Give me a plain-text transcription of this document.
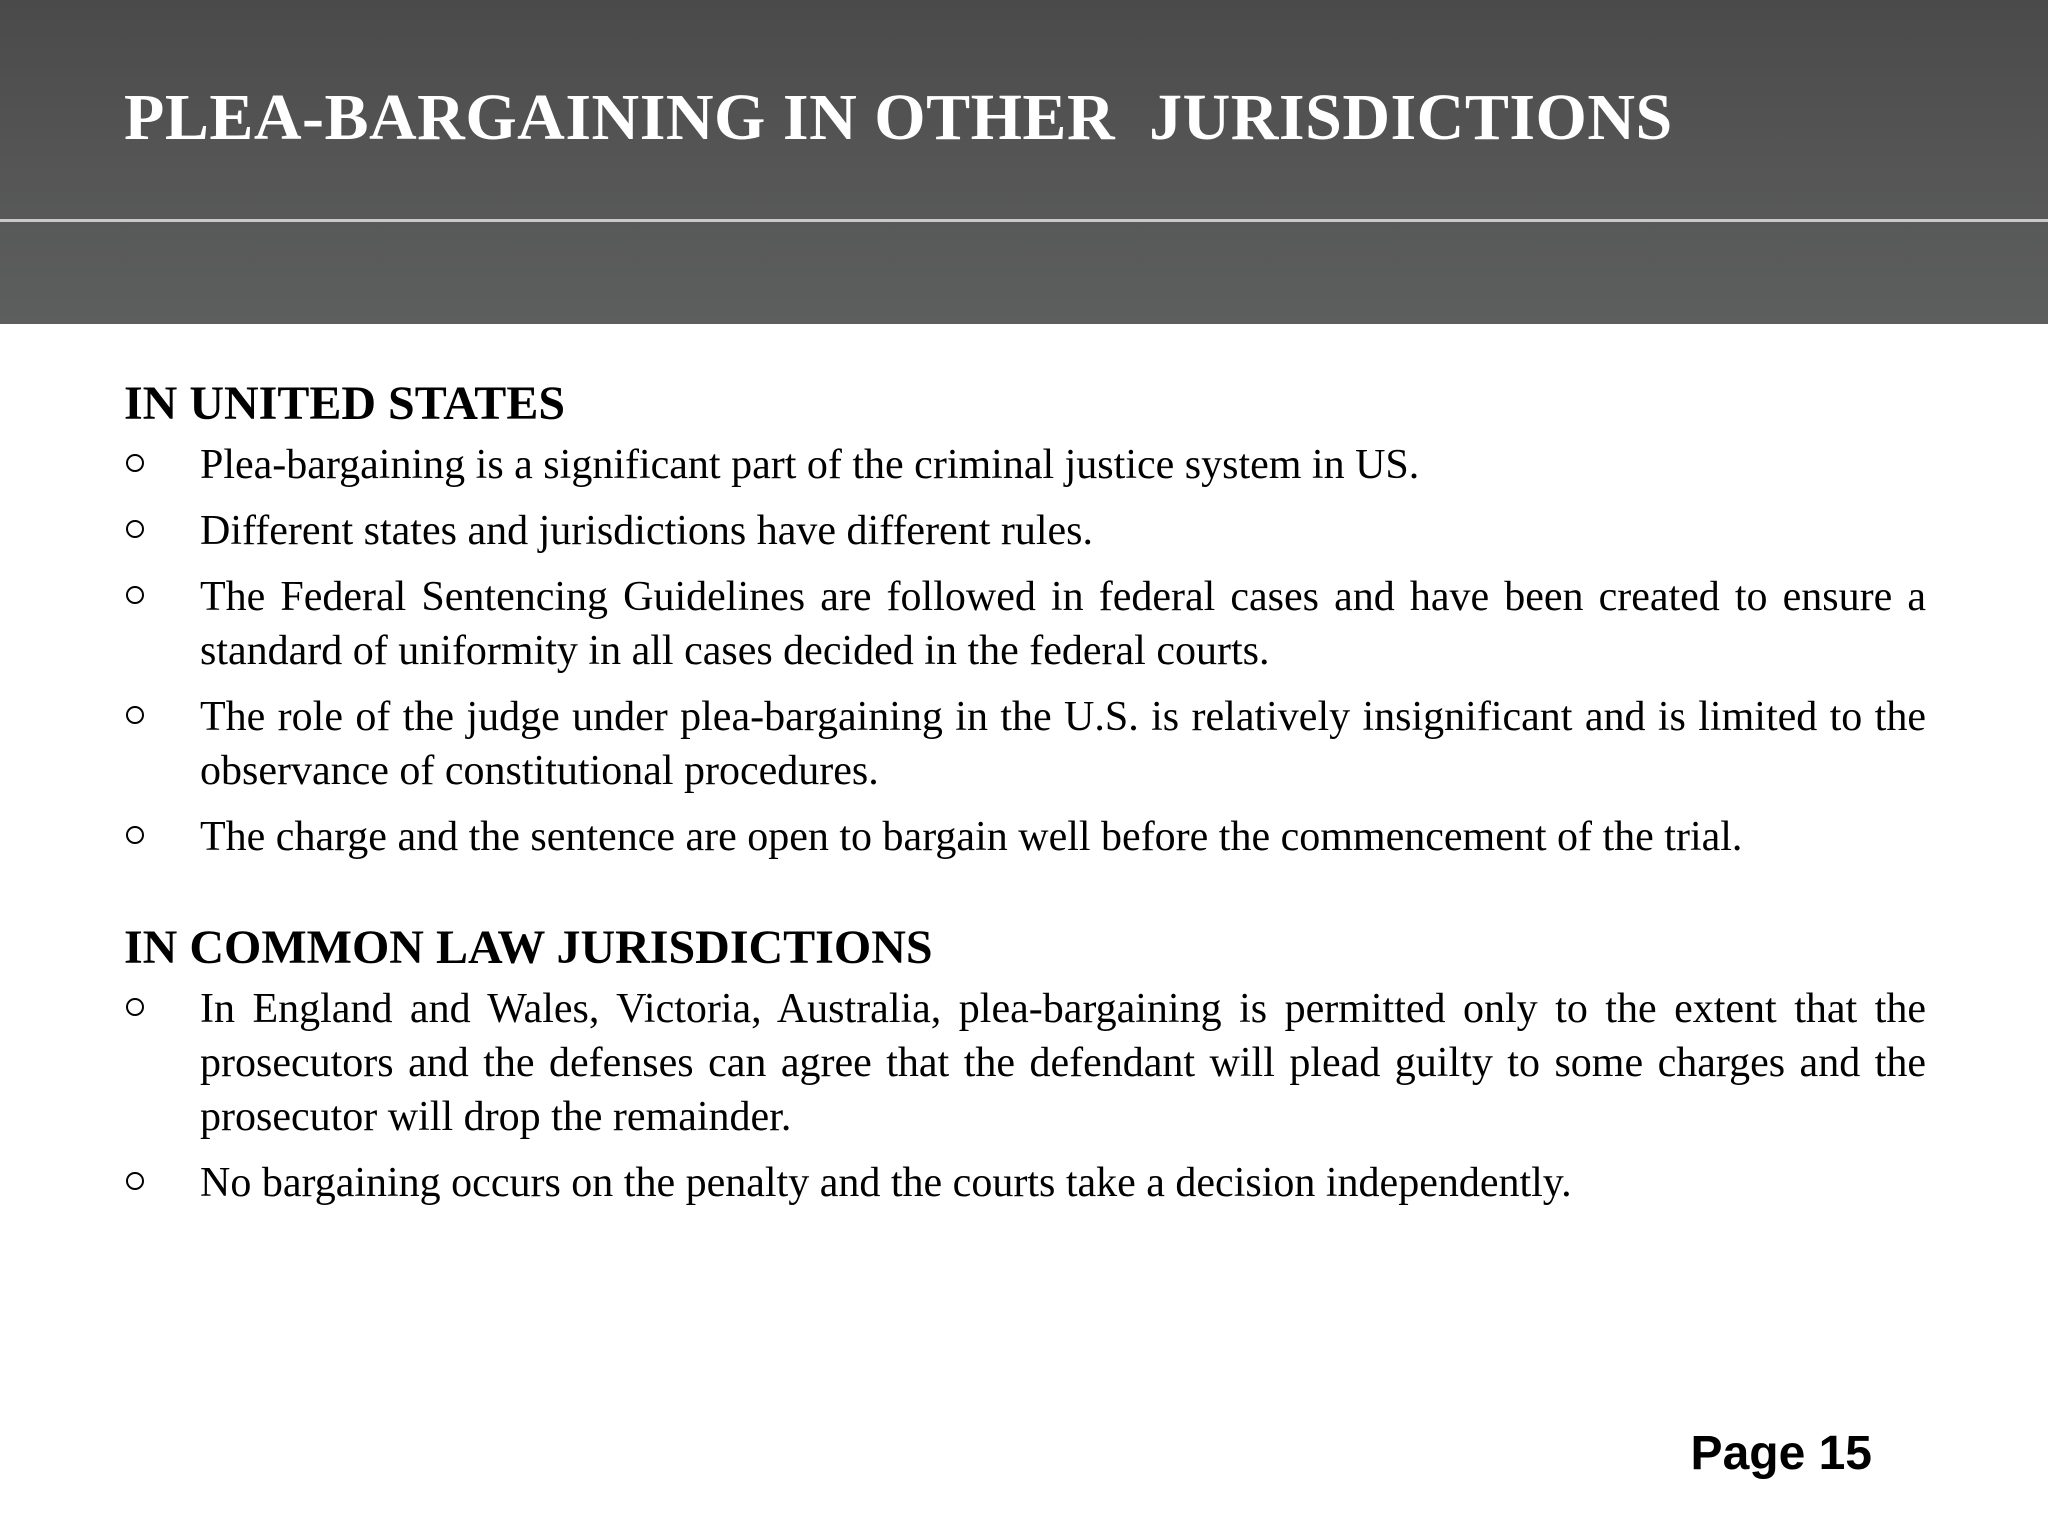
PLEA-BARGAINING IN OTHER  JURISDICTIONS
IN UNITED STATES
Plea-bargaining is a significant part of the criminal justice system in US.
Different states and jurisdictions have different rules.
The Federal Sentencing Guidelines are followed in federal cases and have been created to ensure a standard of uniformity in all cases decided in the federal courts.
The role of the judge under plea-bargaining in the U.S. is relatively insignificant and is limited to the observance of constitutional procedures.
The charge and the sentence are open to bargain well before the commencement of the trial.
IN COMMON LAW JURISDICTIONS
In England and Wales, Victoria, Australia, plea-bargaining is permitted only to the extent that the prosecutors and the defenses can agree that the defendant will plead guilty to some charges and the prosecutor will drop the remainder.
No bargaining occurs on the penalty and the courts take a decision independently.

Page 15
